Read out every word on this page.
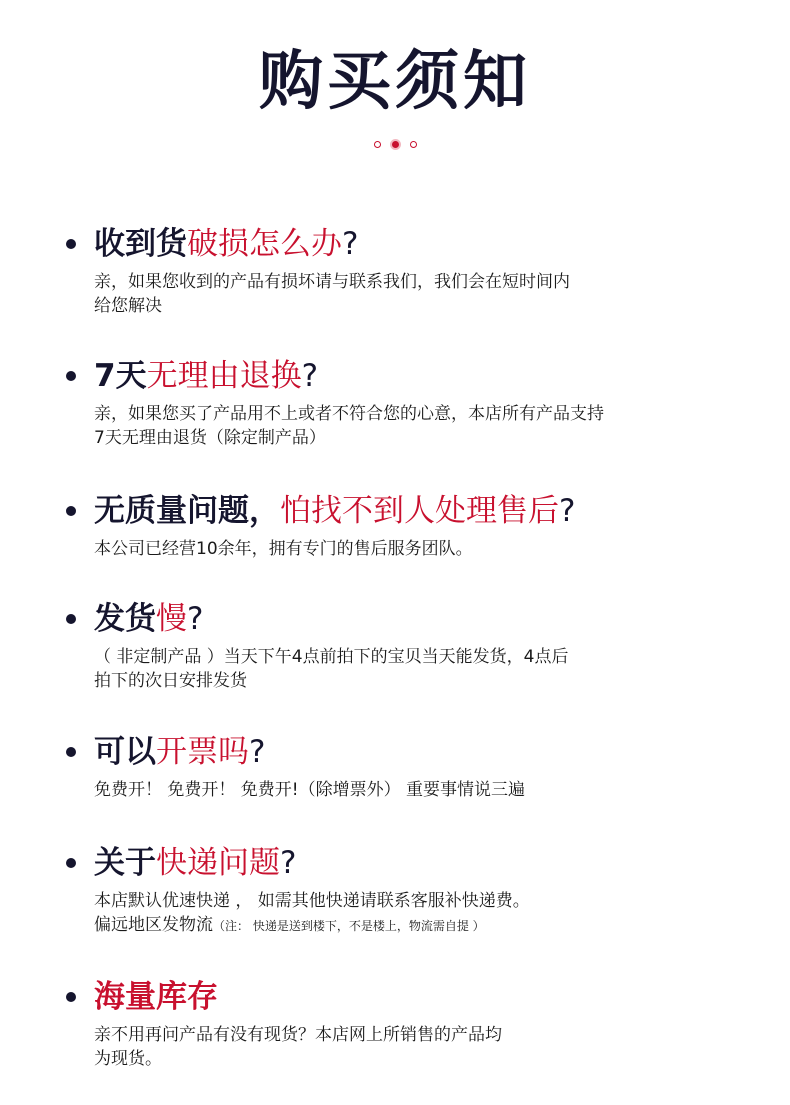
购买须知
收到货破损怎么办?
亲，如果您收到的产品有损坏请与联系我们，我们会在短时间内
给您解决
7天无理由退换?
亲，如果您买了产品用不上或者不符合您的心意，本店所有产品支持
7天无理由退货（除定制产品）
无质量问题，怕找不到人处理售后?
本公司已经营10余年，拥有专门的售后服务团队。
发货慢?
（ 非定制产品 ）当天下午4点前拍下的宝贝当天能发货，4点后
拍下的次日安排发货
可以开票吗?
免费开！ 免费开！ 免费开!（除增票外） 重要事情说三遍
关于快递问题?
本店默认优速快递 ， 如需其他快递请联系客服补快递费。
偏远地区发物流（注： 快递是送到楼下，不是楼上，物流需自提 ）
海量库存
亲不用再问产品有没有现货？本店网上所销售的产品均
为现货。
